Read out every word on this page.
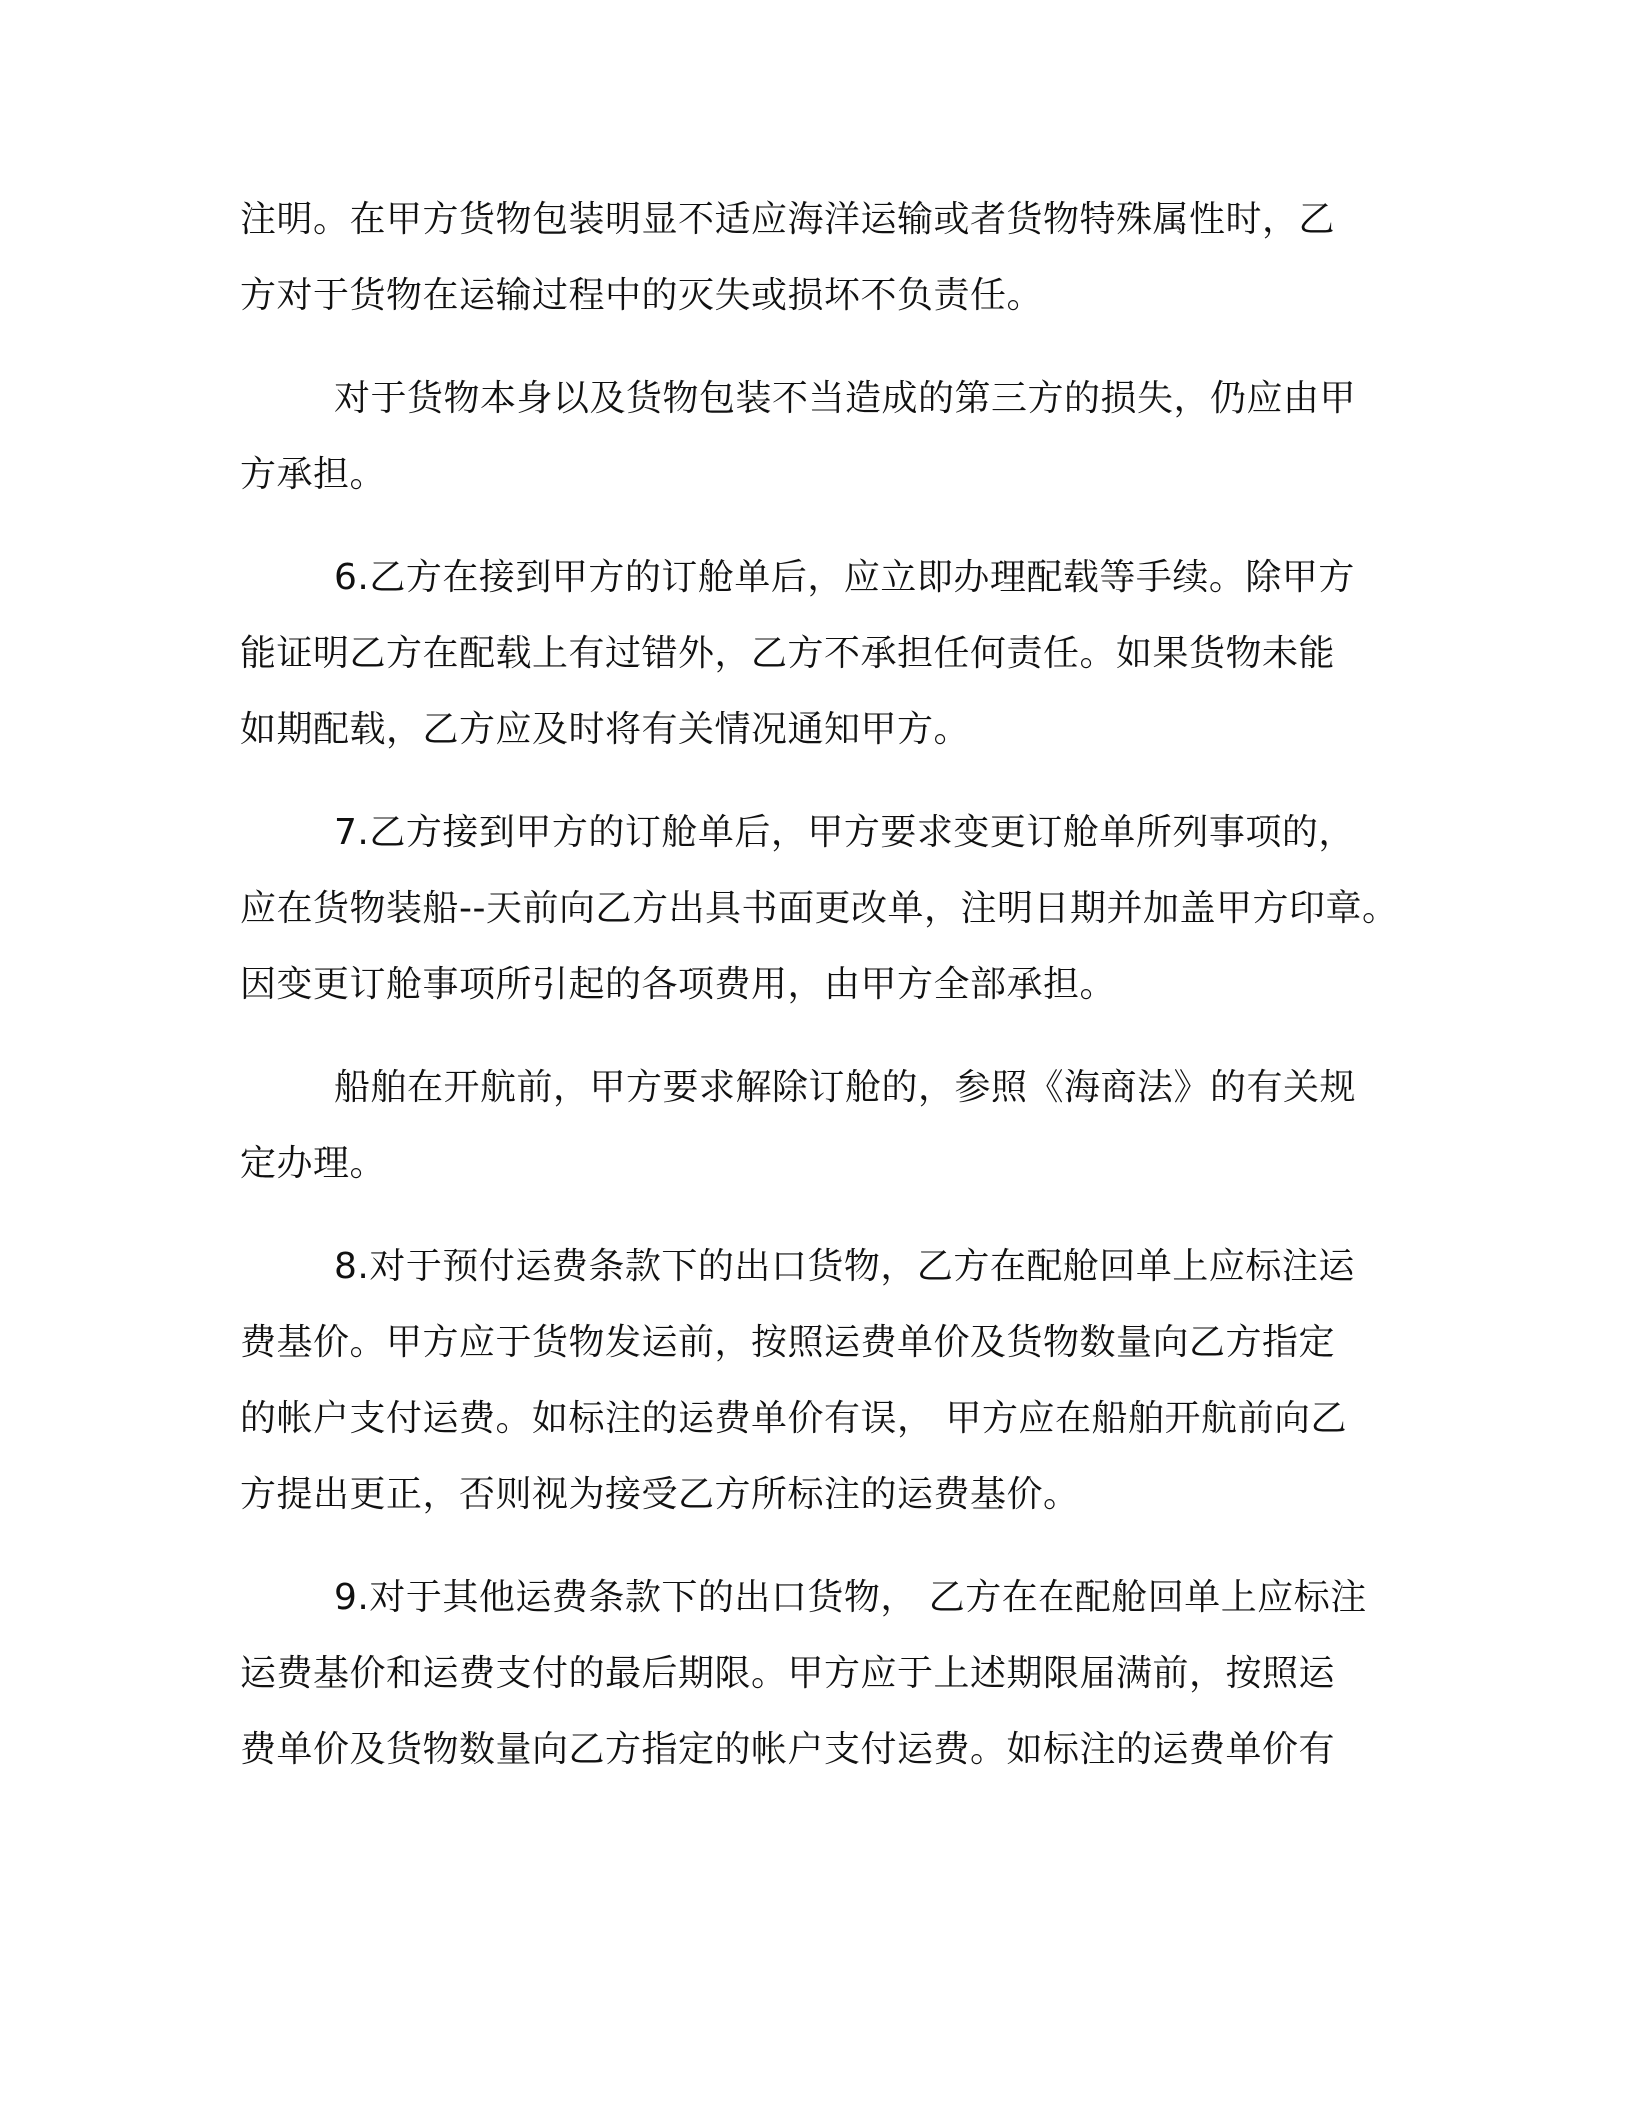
注明。在甲方货物包装明显不适应海洋运输或者货物特殊属性时，乙
方对于货物在运输过程中的灭失或损坏不负责任。
对于货物本身以及货物包装不当造成的第三方的损失，仍应由甲
方承担。
6.乙方在接到甲方的订舱单后，应立即办理配载等手续。除甲方
能证明乙方在配载上有过错外，乙方不承担任何责任。如果货物未能
如期配载，乙方应及时将有关情况通知甲方。
7.乙方接到甲方的订舱单后，甲方要求变更订舱单所列事项的，
应在货物装船--天前向乙方出具书面更改单，注明日期并加盖甲方印章。
因变更订舱事项所引起的各项费用，由甲方全部承担。
船舶在开航前，甲方要求解除订舱的，参照《海商法》的有关规
定办理。
8.对于预付运费条款下的出口货物，乙方在配舱回单上应标注运
费基价。甲方应于货物发运前，按照运费单价及货物数量向乙方指定
的帐户支付运费。如标注的运费单价有误， 甲方应在船舶开航前向乙
方提出更正，否则视为接受乙方所标注的运费基价。
9.对于其他运费条款下的出口货物， 乙方在在配舱回单上应标注
运费基价和运费支付的最后期限。甲方应于上述期限届满前，按照运
费单价及货物数量向乙方指定的帐户支付运费。如标注的运费单价有
